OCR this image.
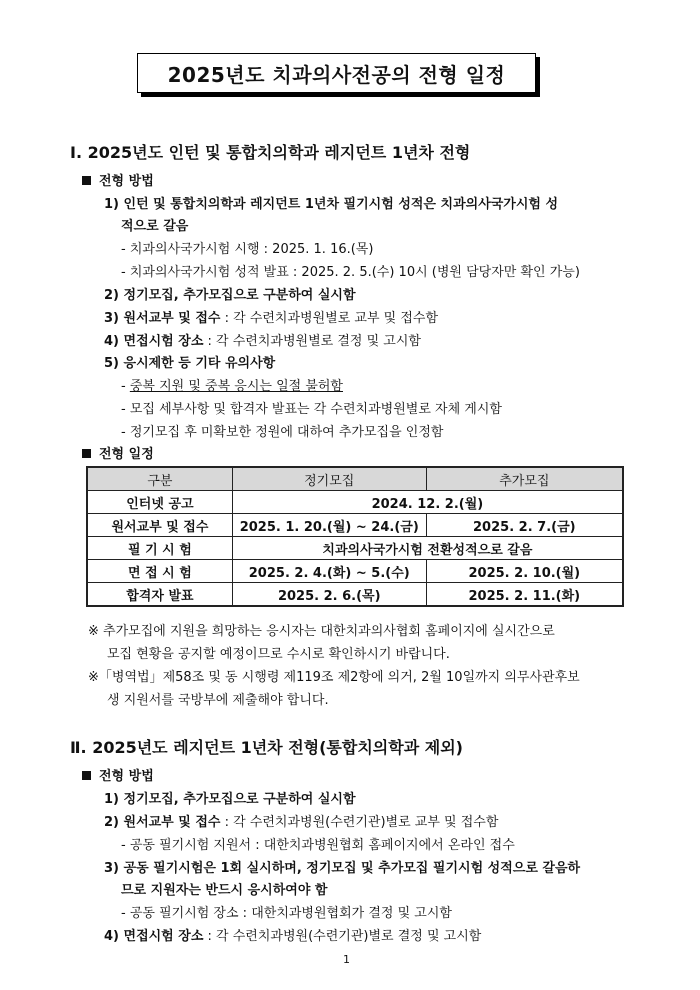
2025년도 치과의사전공의 전형 일정
Ⅰ. 2025년도 인턴 및 통합치의학과 레지던트 1년차 전형
전형 방법
1) 인턴 및 통합치의학과 레지던트 1년차 필기시험 성적은 치과의사국가시험 성
적으로 갈음
- 치과의사국가시험 시행 : 2025. 1. 16.(목)
- 치과의사국가시험 성적 발표 : 2025. 2. 5.(수) 10시 (병원 담당자만 확인 가능)
2) 정기모집, 추가모집으로 구분하여 실시함
3) 원서교부 및 접수 : 각 수련치과병원별로 교부 및 접수함
4) 면접시험 장소 : 각 수련치과병원별로 결정 및 고시함
5) 응시제한 등 기타 유의사항
- 중복 지원 및 중복 응시는 일절 불허함
- 모집 세부사항 및 합격자 발표는 각 수련치과병원별로 자체 게시함
- 정기모집 후 미확보한 정원에 대하여 추가모집을 인정함
전형 일정
구분	정기모집	추가모집
인터넷 공고	2024. 12. 2.(월)	
원서교부 및 접수	2025. 1. 20.(월) ~ 24.(금)	2025. 2. 7.(금)
필 기 시 험	치과의사국가시험 전환성적으로 갈음	
면 접 시 험	2025. 2. 4.(화) ~ 5.(수)	2025. 2. 10.(월)
합격자 발표	2025. 2. 6.(목)	2025. 2. 11.(화)
※ 추가모집에 지원을 희망하는 응시자는 대한치과의사협회 홈페이지에 실시간으로
모집 현황을 공지할 예정이므로 수시로 확인하시기 바랍니다.
※「병역법」제58조 및 동 시행령 제119조 제2항에 의거, 2월 10일까지 의무사관후보
생 지원서를 국방부에 제출해야 합니다.
Ⅱ. 2025년도 레지던트 1년차 전형(통합치의학과 제외)
전형 방법
1) 정기모집, 추가모집으로 구분하여 실시함
2) 원서교부 및 접수 : 각 수련치과병원(수련기관)별로 교부 및 접수함
- 공동 필기시험 지원서 : 대한치과병원협회 홈페이지에서 온라인 접수
3) 공동 필기시험은 1회 실시하며, 정기모집 및 추가모집 필기시험 성적으로 갈음하
므로 지원자는 반드시 응시하여야 함
- 공동 필기시험 장소 : 대한치과병원협회가 결정 및 고시함
4) 면접시험 장소 : 각 수련치과병원(수련기관)별로 결정 및 고시함
1
